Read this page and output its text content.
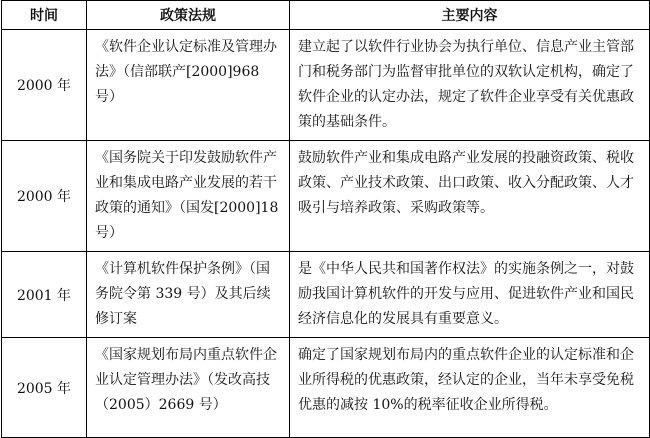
时间	政策法规	主要内容
2000 年	《软件企业认定标准及管理办法》（信部联产[2000]968 号）	建立起了以软件行业协会为执行单位、信息产业主管部门和税务部门为监督审批单位的双软认定机构，确定了软件企业的认定办法，规定了软件企业享受有关优惠政策的基础条件。
2000 年	《国务院关于印发鼓励软件产业和集成电路产业发展的若干政策的通知》（国发[2000]18 号）	鼓励软件产业和集成电路产业发展的投融资政策、税收政策、产业技术政策、出口政策、收入分配政策、人才吸引与培养政策、采购政策等。
2001 年	《计算机软件保护条例》（国务院令第 339 号）及其后续修订案	是《中华人民共和国著作权法》的实施条例之一，对鼓励我国计算机软件的开发与应用、促进软件产业和国民经济信息化的发展具有重要意义。
2005 年	《国家规划布局内重点软件企业认定管理办法》（发改高技（2005）2669 号）	确定了国家规划布局内的重点软件企业的认定标准和企业所得税的优惠政策，经认定的企业，当年未享受免税优惠的减按 10%的税率征收企业所得税。
